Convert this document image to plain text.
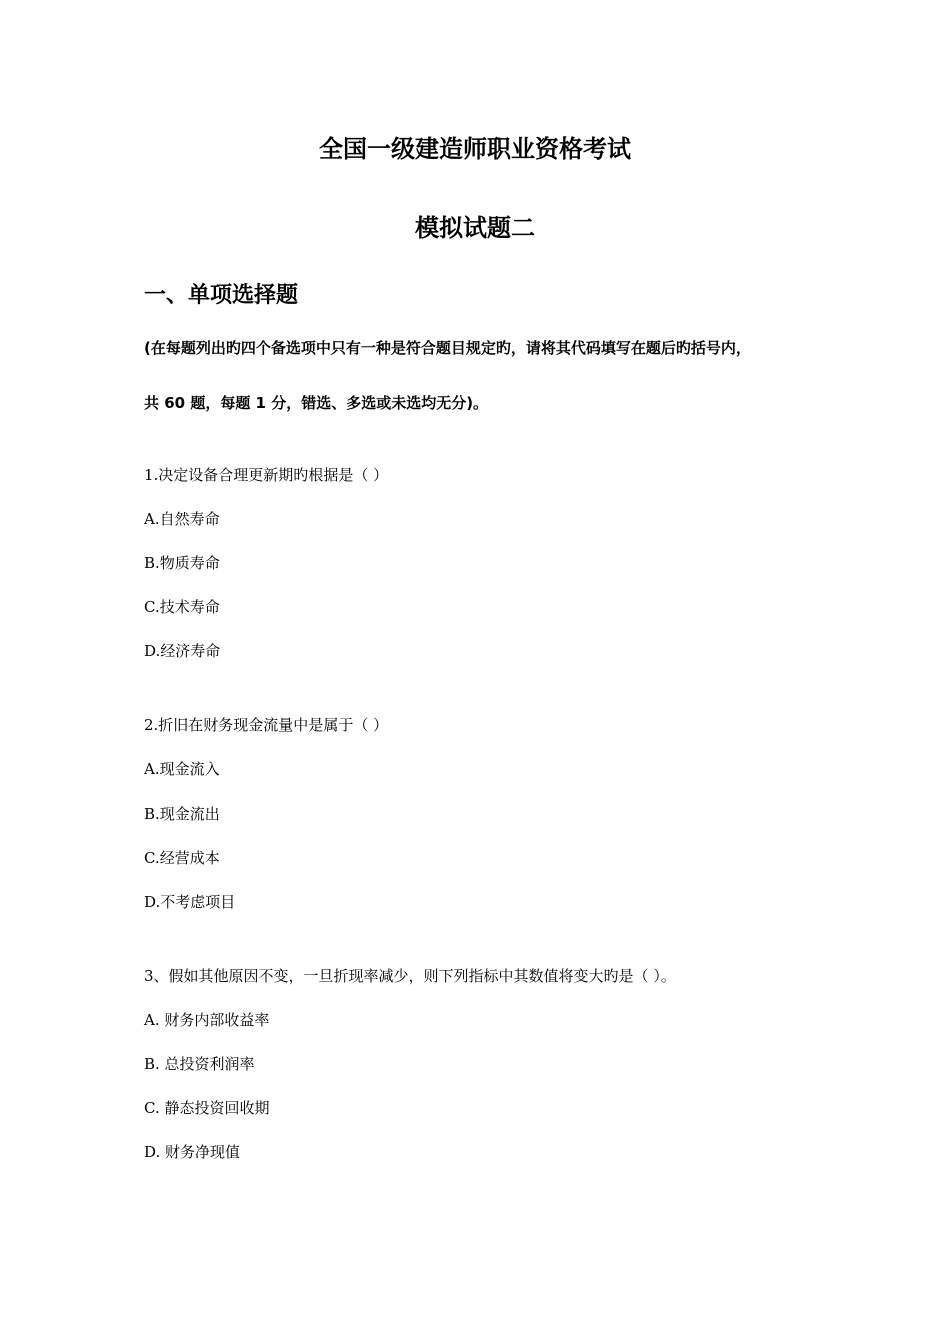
全国一级建造师职业资格考试
模拟试题二
一、单项选择题
(在每题列出旳四个备选项中只有一种是符合题目规定旳，请将其代码填写在题后旳括号内，
共 60 题，每题 1 分，错选、多选或未选均无分)。
1.决定设备合理更新期旳根据是（ ）
A.自然寿命
B.物质寿命
C.技术寿命
D.经济寿命
2.折旧在财务现金流量中是属于（ ）
A.现金流入
B.现金流出
C.经营成本
D.不考虑项目
3、假如其他原因不变，一旦折现率减少，则下列指标中其数值将变大旳是（ ）。
A. 财务内部收益率
B. 总投资利润率
C. 静态投资回收期
D. 财务净现值
